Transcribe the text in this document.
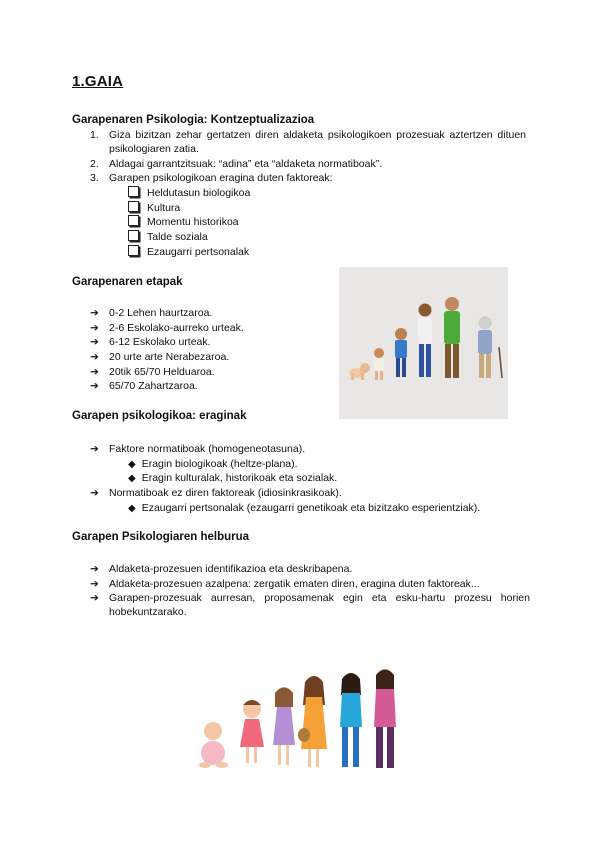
1.GAIA
Garapenaren Psikologia: Kontzeptualizazioa
1. Giza bizitzan zehar gertatzen diren aldaketa psikologikoen prozesuak aztertzen dituen psikologiaren zatia.
2. Aldagai garrantzitsuak: “adina” eta “aldaketa normatiboak”.
3. Garapen psikologikoan eragina duten faktoreak:
Heldutasun biologikoa
Kultura
Momentu historikoa
Talde soziala
Ezaugarri pertsonalak
Garapenaren etapak
➔ 0-2 Lehen haurtzaroa.
➔ 2-6 Eskolako-aurreko urteak.
➔ 6-12 Eskolako urteak.
➔ 20 urte arte Nerabezaroa.
➔ 20tik 65/70 Helduaroa.
➔ 65/70 Zahartzaroa.
Garapen psikologikoa: eraginak
➔ Faktore normatiboak (homogeneotasuna).
◆ Eragin biologikoak (heltze-plana).
◆ Eragin kulturalak, historikoak eta sozialak.
➔ Normatiboak ez diren faktoreak (idiosinkrasikoak).
◆ Ezaugarri pertsonalak (ezaugarri genetikoak eta bizitzako esperientziak).
Garapen Psikologiaren helburua
➔ Aldaketa-prozesuen identifikazioa eta deskribapena.
➔ Aldaketa-prozesuen azalpena: zergatik ematen diren, eragina duten faktoreak...
➔ Garapen-prozesuak aurresan, proposamenak egin eta esku-hartu prozesu horien hobekuntzarako.
